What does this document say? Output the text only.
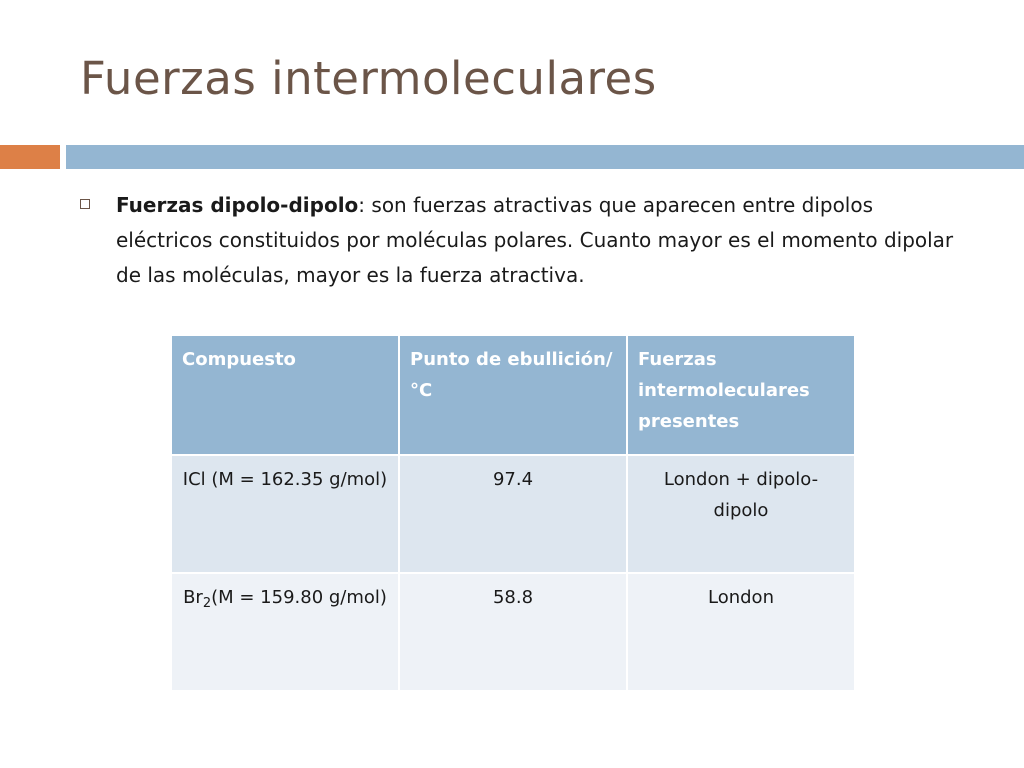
Fuerzas intermoleculares
Fuerzas dipolo-dipolo: son fuerzas atractivas que aparecen entre dipolos eléctricos constituidos por moléculas polares. Cuanto mayor es el momento dipolar de las moléculas, mayor es la fuerza atractiva.
Compuesto	Punto de ebullición/°C	Fuerzas intermoleculares presentes
ICl (M = 162.35 g/mol)	97.4	London + dipolo-dipolo
$Br_2(M = 159.80$ g/mol)	58.8	London
